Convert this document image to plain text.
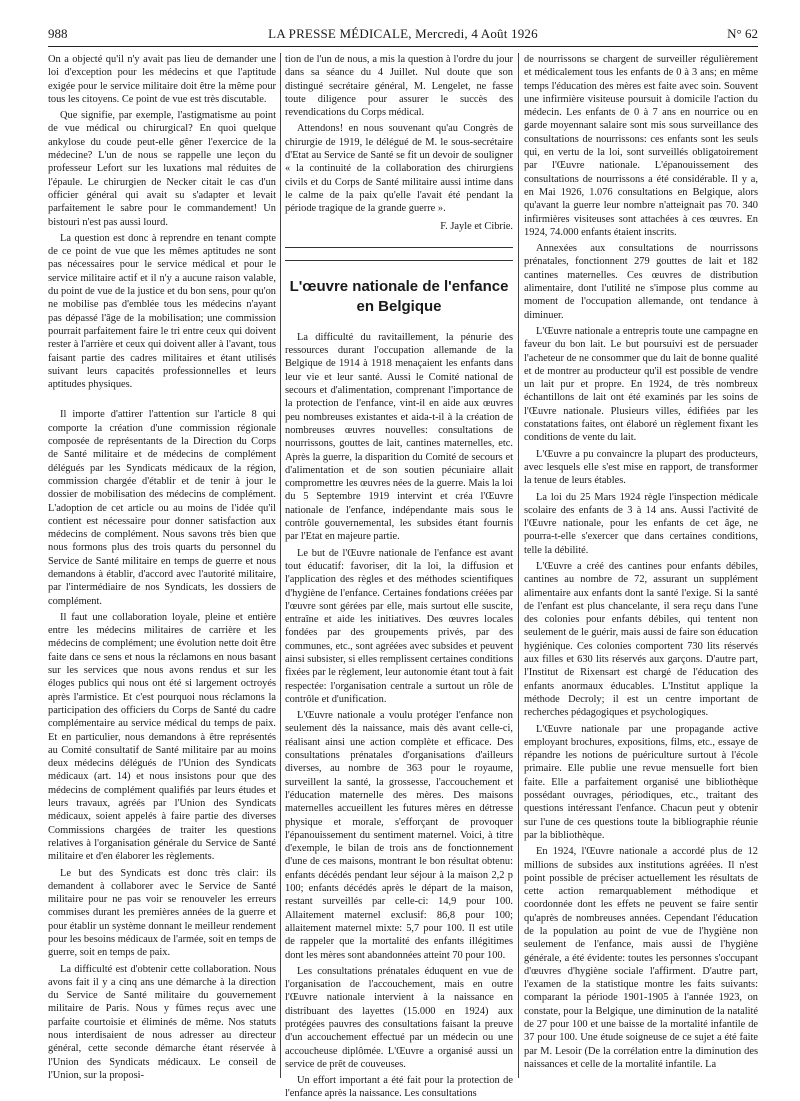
988	LA PRESSE MÉDICALE, Mercredi, 4 Août 1926	N° 62

On a objecté qu'il n'y avait pas lieu de demander une loi d'exception pour les médecins et que l'aptitude exigée pour le service militaire doit être la même pour tous les citoyens. Ce point de vue est très discutable.

Que signifie, par exemple, l'astigmatisme au point de vue médical ou chirurgical? En quoi quelque ankylose du coude peut-elle gêner l'exercice de la médecine? L'un de nous se rappelle une leçon du professeur Lefort sur les luxations mal réduites de l'épaule. Le chirurgien de Necker citait le cas d'un officier général qui avait su s'adapter et levait parfaitement le sabre pour le commandement! Un bistouri n'est pas aussi lourd.

La question est donc à reprendre en tenant compte de ce point de vue que les mêmes aptitudes ne sont pas nécessaires pour le service médical et pour le service militaire actif et il n'y a aucune raison valable, du point de vue de la justice et du bon sens, pour qu'on ne mobilise pas d'emblée tous les médecins n'ayant pas dépassé l'âge de la mobilisation; une commission pourrait parfaitement faire le tri entre ceux qui doivent rester à l'arrière et ceux qui doivent aller à l'avant, tous faisant partie des cadres militaires et étant utilisés suivant leurs capacités professionnelles et leurs aptitudes physiques.

Il importe d'attirer l'attention sur l'article 8 qui comporte la création d'une commission régionale composée de représentants de la Direction du Corps de Santé militaire et de médecins de complément délégués par les Syndicats médicaux de la région, commission chargée d'établir et de tenir à jour le dossier de mobilisation des médecins de complément. L'adoption de cet article ou au moins de l'idée qu'il contient est nécessaire pour donner satisfaction aux médecins de complément. Nous savons très bien que nous formons plus des trois quarts du personnel du Service de Santé militaire en temps de guerre et nous demandons à établir, d'accord avec l'autorité militaire, par l'intermédiaire de nos Syndicats, les dossiers de complément.

Il faut une collaboration loyale, pleine et entière entre les médecins militaires de carrière et les médecins de complément; une évolution nette doit être faite dans ce sens et nous la réclamons en nous basant sur les services que nous avons rendus et sur les éloges publics qui nous ont été si largement octroyés après l'armistice. Et c'est pourquoi nous réclamons la participation des officiers du Corps de Santé du cadre complémentaire au service médical du temps de paix. Et en particulier, nous demandons à être représentés au Comité consultatif de Santé militaire par au moins deux médecins délégués de l'Union des Syndicats médicaux (art. 14) et nous insistons pour que des médecins de complément qualifiés par leurs études et leurs travaux, agréés par l'Union des Syndicats médicaux, soient appelés à faire partie des diverses Commissions chargées de traiter les questions relatives à l'organisation générale du Service de Santé militaire et d'en élaborer les règlements.

Le but des Syndicats est donc très clair: ils demandent à collaborer avec le Service de Santé militaire pour ne pas voir se renouveler les erreurs commises durant les premières années de la guerre et pour établir un système donnant le meilleur rendement pour les besoins médicaux de l'armée, soit en temps de guerre, soit en temps de paix.

La difficulté est d'obtenir cette collaboration. Nous avons fait il y a cinq ans une démarche à la direction du Service de Santé militaire du gouvernement militaire de Paris. Nous y fûmes reçus avec une parfaite courtoisie et éliminés de même. Nos statuts nous interdisaient de nous adresser au directeur général, cette seconde démarche étant réservée à l'Union des Syndicats médicaux. Le conseil de l'Union, sur la proposi-

tion de l'un de nous, a mis la question à l'ordre du jour dans sa séance du 4 Juillet. Nul doute que son distingué secrétaire général, M. Lengelet, ne fasse toute diligence pour assurer le succès des revendications du Corps médical.

Attendons! en nous souvenant qu'au Congrès de chirurgie de 1919, le délégué de M. le sous-secrétaire d'Etat au Service de Santé se fit un devoir de souligner « la continuité de la collaboration des chirurgiens civils et du Corps de Santé militaire aussi intime dans le calme de la paix qu'elle l'avait été pendant la période tragique de la grande guerre ».

F. Jayle et Cibrie.

L'œuvre nationale de l'enfance en Belgique

La difficulté du ravitaillement, la pénurie des ressources durant l'occupation allemande de la Belgique de 1914 à 1918 menaçaient les enfants dans leur vie et leur santé. Aussi le Comité national de secours et d'alimentation, comprenant l'importance de la protection de l'enfance, vint-il en aide aux œuvres peu nombreuses existantes et aida-t-il à la création de nombreuses œuvres nouvelles: consultations de nourrissons, gouttes de lait, cantines maternelles, etc. Après la guerre, la disparition du Comité de secours et d'alimentation et de son soutien pécuniaire allait compromettre les œuvres nées de la guerre. Mais la loi du 5 Septembre 1919 intervint et créa l'Œuvre nationale de l'enfance, indépendante mais sous le contrôle gouvernemental, les subsides étant fournis par l'Etat en majeure partie.

Le but de l'Œuvre nationale de l'enfance est avant tout éducatif: favoriser, dit la loi, la diffusion et l'application des règles et des méthodes scientifiques d'hygiène de l'enfance. Certaines fondations créées par l'œuvre sont gérées par elle, mais surtout elle suscite, entraîne et aide les initiatives. Des œuvres locales fondées par des groupements privés, par des communes, etc., sont agréées avec subsides et peuvent ainsi subsister, si elles remplissent certaines conditions fixées par le règlement, leur autonomie étant tout à fait respectée: l'organisation centrale a surtout un rôle de contrôle et d'unification.

L'Œuvre nationale a voulu protéger l'enfance non seulement dès la naissance, mais dès avant celle-ci, réalisant ainsi une action complète et efficace. Des consultations prénatales d'organisations d'ailleurs diverses, au nombre de 363 pour le royaume, surveillent la santé, la grossesse, l'accouchement et l'éducation maternelle des mères. Des maisons maternelles accueillent les futures mères en détresse physique et morale, s'efforçant de provoquer l'épanouissement du sentiment maternel. Voici, à titre d'exemple, le bilan de trois ans de fonctionnement d'une de ces maisons, montrant le bon résultat obtenu: enfants décédés pendant leur séjour à la maison 2,2 p 100; enfants décédés après le départ de la maison, restant surveillés par celle-ci: 14,9 pour 100. Allaitement maternel exclusif: 86,8 pour 100; allaitement maternel mixte: 5,7 pour 100. Il est utile de rappeler que la mortalité des enfants illégitimes dont les mères sont abandonnées atteint 70 pour 100.

Les consultations prénatales éduquent en vue de l'organisation de l'accouchement, mais en outre l'Œuvre nationale intervient à la naissance en distribuant des layettes (15.000 en 1924) aux protégées pauvres des consultations faisant la preuve d'un accouchement effectué par un médecin ou une accoucheuse diplômée. L'Œuvre a organisé aussi un service de prêt de couveuses.

Un effort important a été fait pour la protection de l'enfance après la naissance. Les consultations

de nourrissons se chargent de surveiller régulièrement et médicalement tous les enfants de 0 à 3 ans; en même temps l'éducation des mères est faite avec soin. Souvent une infirmière visiteuse poursuit à domicile l'action du médecin. Les enfants de 0 à 7 ans en nourrice ou en garde moyennant salaire sont mis sous surveillance des consultations de nourrissons: ces enfants sont les seuls qui, en vertu de la loi, sont surveillés obligatoirement par l'Œuvre nationale. L'épanouissement des consultations de nourrissons a été considérable. Il y a, en Mai 1926, 1.076 consultations en Belgique, alors qu'avant la guerre leur nombre n'atteignait pas 70. 340 infirmières visiteuses sont attachées à ces œuvres. En 1924, 74.000 enfants étaient inscrits.

Annexées aux consultations de nourrissons prénatales, fonctionnent 279 gouttes de lait et 182 cantines maternelles. Ces œuvres de distribution alimentaire, dont l'utilité ne s'impose plus comme au moment de l'occupation allemande, ont tendance à diminuer.

L'Œuvre nationale a entrepris toute une campagne en faveur du bon lait. Le but poursuivi est de persuader l'acheteur de ne consommer que du lait de bonne qualité et de montrer au producteur qu'il est possible de vendre un lait pur et propre. En 1924, de très nombreux échantillons de lait ont été examinés par les soins de l'Œuvre nationale. Plusieurs villes, édifiées par les constatations faites, ont élaboré un règlement fixant les conditions de vente du lait.

L'Œuvre a pu convaincre la plupart des producteurs, avec lesquels elle s'est mise en rapport, de transformer la tenue de leurs étables.

La loi du 25 Mars 1924 règle l'inspection médicale scolaire des enfants de 3 à 14 ans. Aussi l'activité de l'Œuvre nationale, pour les enfants de cet âge, ne pourra-t-elle s'exercer que dans certaines conditions, telle la débilité.

L'Œuvre a créé des cantines pour enfants débiles, cantines au nombre de 72, assurant un supplément alimentaire aux enfants dont la santé l'exige. Si la santé de l'enfant est plus chancelante, il sera reçu dans l'une des colonies pour enfants débiles, qui tentent non seulement de le guérir, mais aussi de faire son éducation hygiénique. Ces colonies comportent 730 lits réservés aux filles et 630 lits réservés aux garçons. D'autre part, l'Institut de Rixensart est chargé de l'éducation des enfants anormaux éducables. L'Institut applique la méthode Decroly; il est un centre important de recherches pédagogiques et psychologiques.

L'Œuvre nationale par une propagande active employant brochures, expositions, films, etc., essaye de répandre les notions de puériculture surtout à l'école primaire. Elle publie une revue mensuelle fort bien faite. Elle a parfaitement organisé une bibliothèque possédant ouvrages, périodiques, etc., traitant des questions intéressant l'enfance. Chacun peut y obtenir sur l'une de ces questions toute la bibliographie réunie par la bibliothèque.

En 1924, l'Œuvre nationale a accordé plus de 12 millions de subsides aux institutions agréées. Il n'est point possible de préciser actuellement les résultats de cette action remarquablement méthodique et coordonnée dont les effets ne peuvent se faire sentir qu'après de nombreuses années. Cependant l'éducation de la population au point de vue de l'hygiène non seulement de l'enfance, mais aussi de l'hygiène générale, a été évidente: toutes les personnes s'occupant d'œuvres d'hygiène sociale l'affirment. D'autre part, l'examen de la statistique montre les faits suivants: comparant la période 1901-1905 à l'année 1923, on constate, pour la Belgique, une diminution de la natalité de 27 pour 100 et une baisse de la mortalité infantile de 37 pour 100. Une étude soigneuse de ce sujet a été faite par M. Lesoir (De la corrélation entre la diminution des naissances et celle de la mortalité infantile. La
